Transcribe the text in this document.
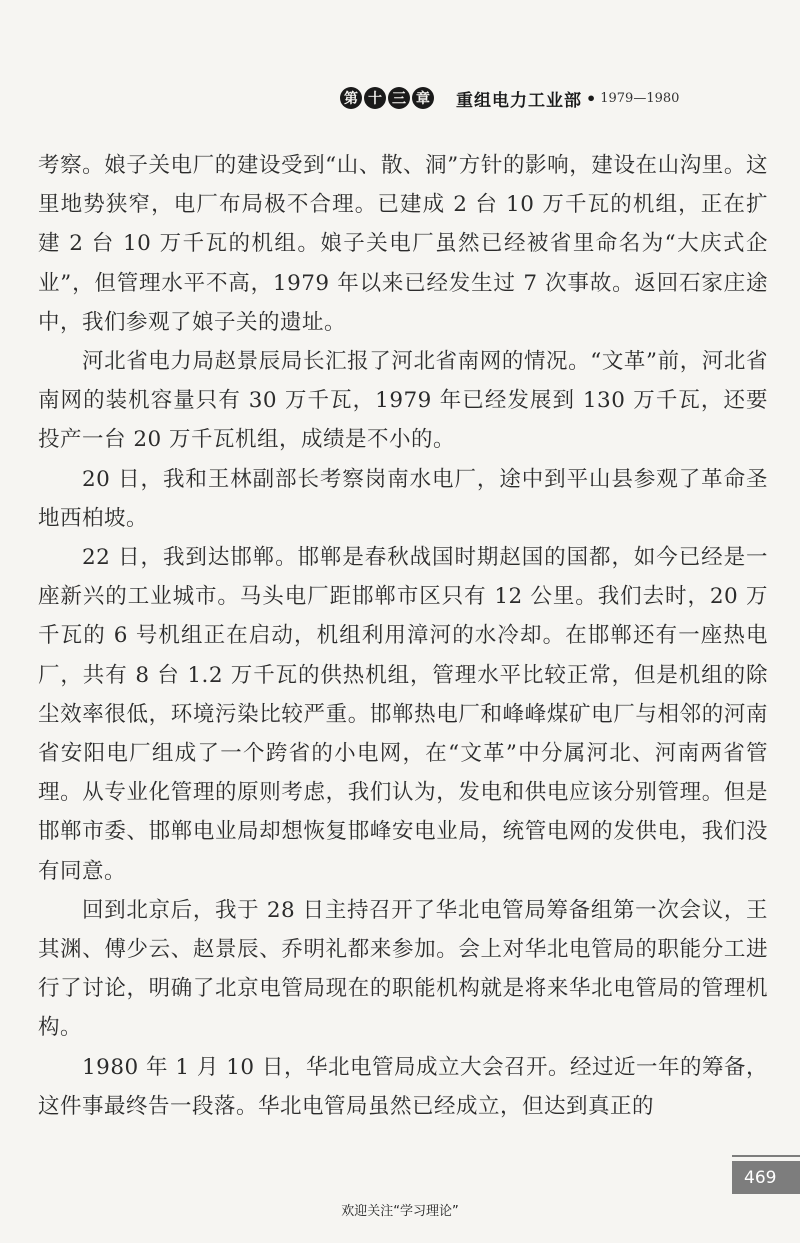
第 十 三 章 重组电力工业部 • 1979—1980

考察。娘子关电厂的建设受到“山、散、洞”方针的影响，建设在山沟里。这里地势狭窄，电厂布局极不合理。已建成 2 台 10 万千瓦的机组，正在扩建 2 台 10 万千瓦的机组。娘子关电厂虽然已经被省里命名为“大庆式企业”，但管理水平不高，1979 年以来已经发生过 7 次事故。返回石家庄途中，我们参观了娘子关的遗址。

河北省电力局赵景辰局长汇报了河北省南网的情况。“文革”前，河北省南网的装机容量只有 30 万千瓦，1979 年已经发展到 130 万千瓦，还要投产一台 20 万千瓦机组，成绩是不小的。

20 日，我和王林副部长考察岗南水电厂，途中到平山县参观了革命圣地西柏坡。

22 日，我到达邯郸。邯郸是春秋战国时期赵国的国都，如今已经是一座新兴的工业城市。马头电厂距邯郸市区只有 12 公里。我们去时，20 万千瓦的 6 号机组正在启动，机组利用漳河的水冷却。在邯郸还有一座热电厂，共有 8 台 1.2 万千瓦的供热机组，管理水平比较正常，但是机组的除尘效率很低，环境污染比较严重。邯郸热电厂和峰峰煤矿电厂与相邻的河南省安阳电厂组成了一个跨省的小电网，在“文革”中分属河北、河南两省管理。从专业化管理的原则考虑，我们认为，发电和供电应该分别管理。但是邯郸市委、邯郸电业局却想恢复邯峰安电业局，统管电网的发供电，我们没有同意。

回到北京后，我于 28 日主持召开了华北电管局筹备组第一次会议，王其渊、傅少云、赵景辰、乔明礼都来参加。会上对华北电管局的职能分工进行了讨论，明确了北京电管局现在的职能机构就是将来华北电管局的管理机构。

1980 年 1 月 10 日，华北电管局成立大会召开。经过近一年的筹备，这件事最终告一段落。华北电管局虽然已经成立，但达到真正的

469
欢迎关注“学习理论”
